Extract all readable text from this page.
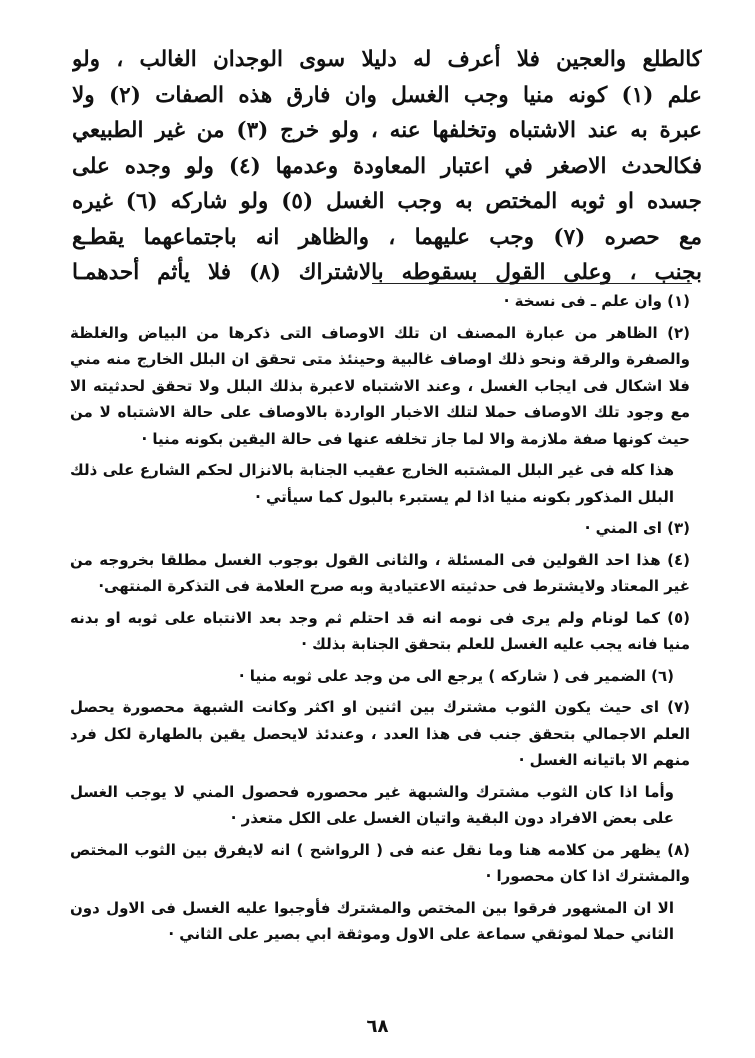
كالطلع والعجين فلا أعرف له دليلا سوى الوجدان الغالب ، ولو
علم (١) كونه منيا وجب الغسل وان فارق هذه الصفات (٢) ولا
عبرة به عند الاشتباه وتخلفها عنه ، ولو خرج (٣) من غير الطبيعي
فكالحدث الاصغر في اعتبار المعاودة وعدمها (٤) ولو وجده على
جسده او ثوبه المختص به وجب الغسل (٥) ولو شاركه (٦) غيره
مع حصره (٧) وجب عليهما ، والظاهر انه باجتماعهما يقطـع
بجنب ، وعلى القول بسقوطه بالاشتراك (٨) فلا يأثم أحدهمـا

(١) وان علم ـ فى نسخة ·

(٢) الظاهر من عبارة المصنف ان تلك الاوصاف التى ذكرها من البياض والغلظة والصفرة والرقة ونحو ذلك اوصاف غالبية وحينئذ متى تحقق ان البلل الخارج منه مني فلا اشكال فى ايجاب الغسل ، وعند الاشتباه لاعبرة بذلك البلل ولا تحقق لحدثيته الا مع وجود تلك الاوصاف حملا لتلك الاخبار الواردة بالاوصاف على حالة الاشتباه لا من حيث كونها صفة ملازمة والا لما جاز تخلفه عنها فى حالة اليقين بكونه منيا ·

هذا كله فى غير البلل المشتبه الخارج عقيب الجنابة بالانزال لحكم الشارع على ذلك البلل المذكور بكونه منيا اذا لم يستبرء بالبول كما سيأتي ·

(٣) اى المني ·

(٤) هذا احد القولين فى المسئلة ، والثانى القول بوجوب الغسل مطلقا بخروجه من غير المعتاد ولايشترط فى حدثيته الاعتيادية وبه صرح العلامة فى التذكرة المنتهى·

(٥) كما لونام ولم يرى فى نومه انه قد احتلم ثم وجد بعد الانتباه على ثوبه او بدنه منيا فانه يجب عليه الغسل للعلم بتحقق الجنابة بذلك ·

(٦) الضمير فى ( شاركه ) يرجع الى من وجد على ثوبه منيا ·

(٧) اى حيث يكون الثوب مشترك بين اثنين او اكثر وكانت الشبهة محصورة يحصل العلم الاجمالي بتحقق جنب فى هذا العدد ، وعندئذ لايحصل يقين بالطهارة لكل فرد منهم الا باتيانه الغسل ·

وأما اذا كان الثوب مشترك والشبهة غير محصوره فحصول المني لا يوجب الغسل على بعض الافراد دون البقية واتيان الغسل على الكل متعذر ·

(٨) يظهر من كلامه هنا وما نقل عنه فى ( الرواشح ) انه لايفرق بين الثوب المختص والمشترك اذا كان محصورا ·

الا ان المشهور فرقوا بين المختص والمشترك فأوجبوا عليه الغسل فى الاول دون الثاني حملا لموثقي سماعة على الاول وموثقة ابي بصير على الثاني ·

٦٨
